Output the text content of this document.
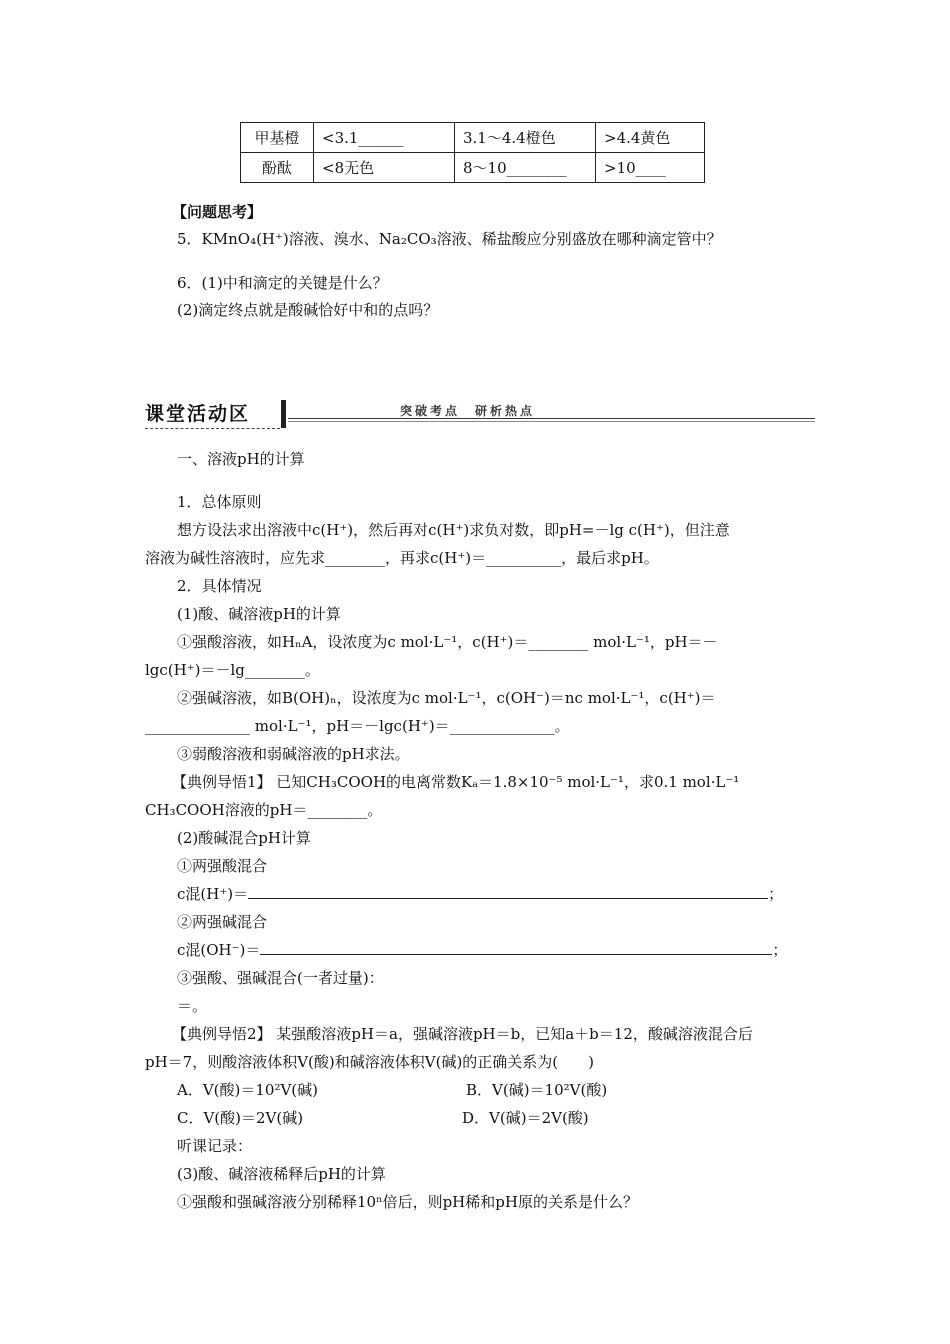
甲基橙	<3.1______	3.1～4.4橙色	>4.4黄色
酚酞	<8无色	8～10________	>10____
【问题思考】
5．KMnO₄(H⁺)溶液、溴水、Na₂CO₃溶液、稀盐酸应分别盛放在哪种滴定管中？
6．(1)中和滴定的关键是什么？
(2)滴定终点就是酸碱恰好中和的点吗？
课堂活动区	突破考点　研析热点
一、溶液pH的计算
1．总体原则
想方设法求出溶液中c(H⁺)，然后再对c(H⁺)求负对数，即pH=－lg c(H⁺)，但注意
溶液为碱性溶液时，应先求________，再求c(H⁺)＝__________，最后求pH。
2．具体情况
(1)酸、碱溶液pH的计算
①强酸溶液，如HₙA，设浓度为c mol·L⁻¹，c(H⁺)＝________ mol·L⁻¹，pH＝－
lgc(H⁺)＝－lg________。
②强碱溶液，如B(OH)ₙ，设浓度为c mol·L⁻¹，c(OH⁻)＝nc mol·L⁻¹，c(H⁺)＝
______________ mol·L⁻¹，pH＝－lgc(H⁺)＝______________。
③弱酸溶液和弱碱溶液的pH求法。
【典例导悟1】 已知CH₃COOH的电离常数Kₐ＝1.8×10⁻⁵ mol·L⁻¹，求0.1 mol·L⁻¹
CH₃COOH溶液的pH＝________。
(2)酸碱混合pH计算
①两强酸混合
c混(H⁺)＝	；
②两强碱混合
c混(OH⁻)＝	；
③强酸、强碱混合(一者过量)：
＝。
【典例导悟2】 某强酸溶液pH＝a，强碱溶液pH＝b，已知a＋b＝12，酸碱溶液混合后
pH＝7，则酸溶液体积V(酸)和碱溶液体积V(碱)的正确关系为(　　)
A．V(酸)＝10²V(碱)	B．V(碱)＝10²V(酸)
C．V(酸)＝2V(碱)	D．V(碱)＝2V(酸)
听课记录：
(3)酸、碱溶液稀释后pH的计算
①强酸和强碱溶液分别稀释10ⁿ倍后，则pH稀和pH原的关系是什么？
